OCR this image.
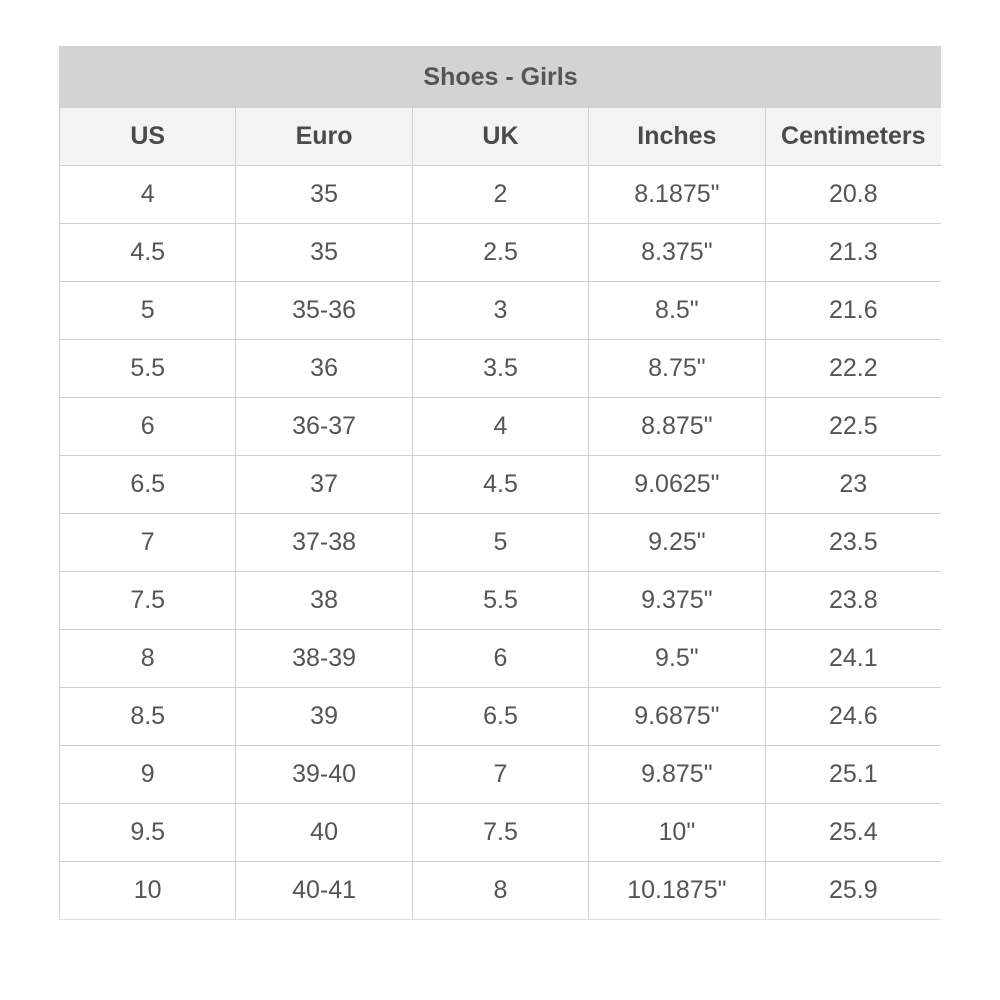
Shoes - Girls				
US	Euro	UK	Inches	Centimeters
4	35	2	8.1875"	20.8
4.5	35	2.5	8.375"	21.3
5	35-36	3	8.5"	21.6
5.5	36	3.5	8.75"	22.2
6	36-37	4	8.875"	22.5
6.5	37	4.5	9.0625"	23
7	37-38	5	9.25"	23.5
7.5	38	5.5	9.375"	23.8
8	38-39	6	9.5"	24.1
8.5	39	6.5	9.6875"	24.6
9	39-40	7	9.875"	25.1
9.5	40	7.5	10"	25.4
10	40-41	8	10.1875"	25.9
